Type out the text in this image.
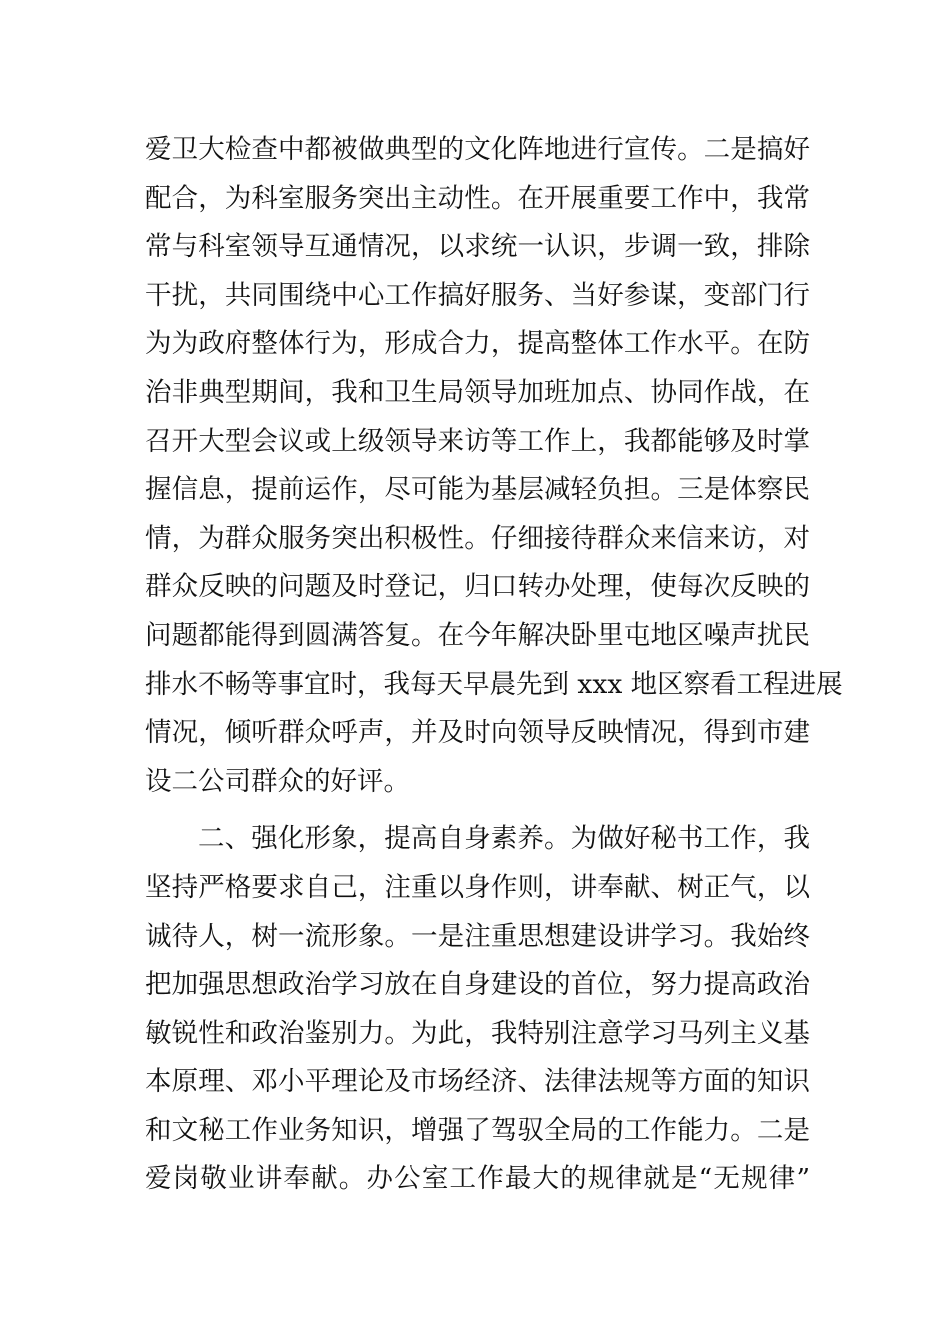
爱卫大检查中都被做典型的文化阵地进行宣传。二是搞好
配合，为科室服务突出主动性。在开展重要工作中，我常
常与科室领导互通情况，以求统一认识，步调一致，排除
干扰，共同围绕中心工作搞好服务、当好参谋，变部门行
为为政府整体行为，形成合力，提高整体工作水平。在防
治非典型期间，我和卫生局领导加班加点、协同作战，在
召开大型会议或上级领导来访等工作上，我都能够及时掌
握信息，提前运作，尽可能为基层减轻负担。三是体察民
情，为群众服务突出积极性。仔细接待群众来信来访，对
群众反映的问题及时登记，归口转办处理，使每次反映的
问题都能得到圆满答复。在今年解决卧里屯地区噪声扰民
排水不畅等事宜时，我每天早晨先到 xxx 地区察看工程进展
情况，倾听群众呼声，并及时向领导反映情况，得到市建
设二公司群众的好评。
二、强化形象，提高自身素养。为做好秘书工作，我
坚持严格要求自己，注重以身作则，讲奉献、树正气，以
诚待人，树一流形象。一是注重思想建设讲学习。我始终
把加强思想政治学习放在自身建设的首位，努力提高政治
敏锐性和政治鉴别力。为此，我特别注意学习马列主义基
本原理、邓小平理论及市场经济、法律法规等方面的知识
和文秘工作业务知识，增强了驾驭全局的工作能力。二是
爱岗敬业讲奉献。办公室工作最大的规律就是“无规律”
